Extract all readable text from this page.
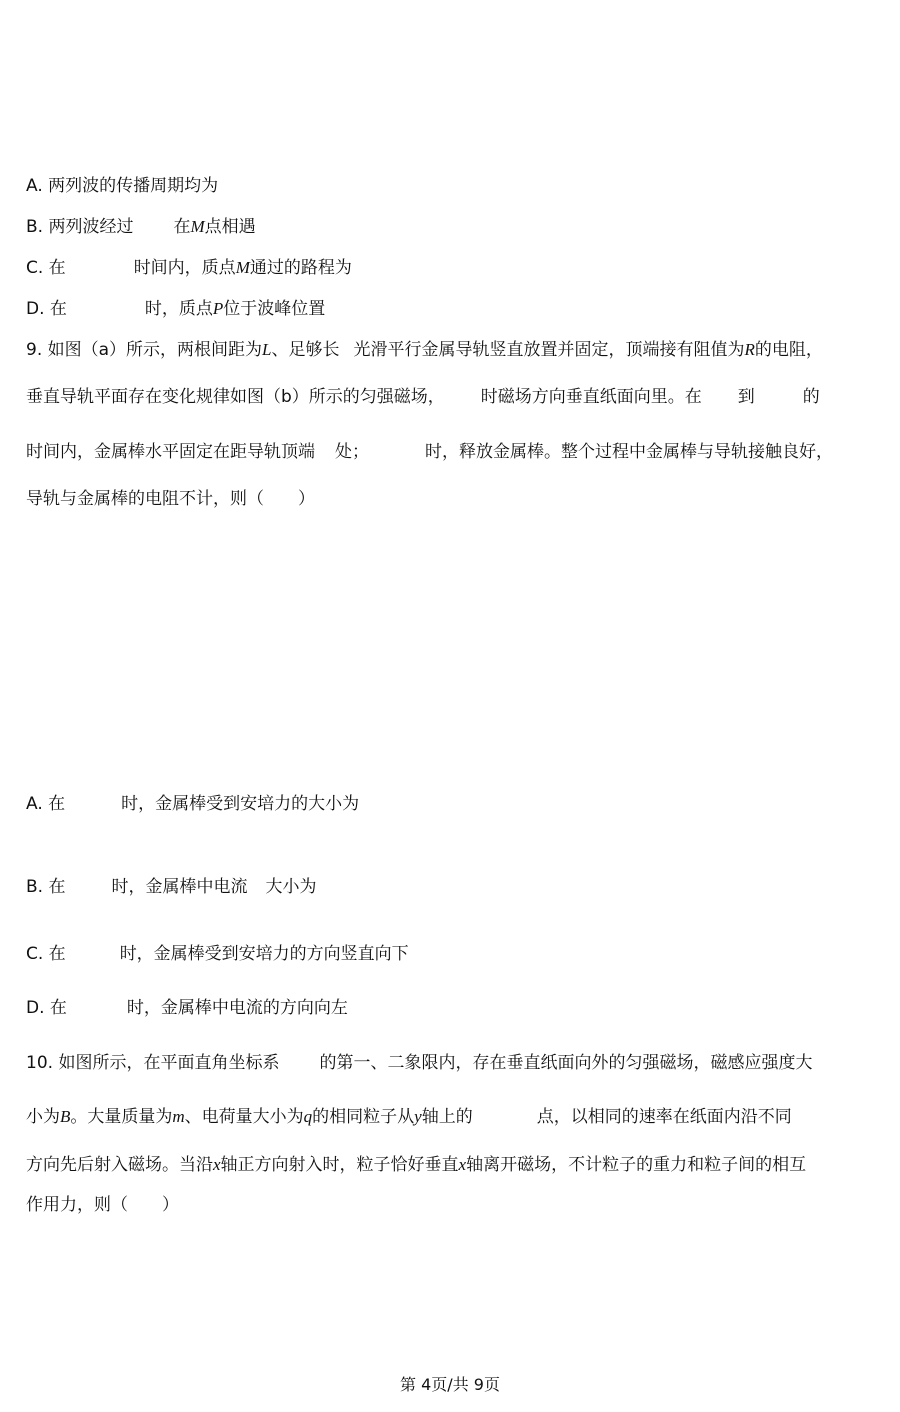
A. 两列波的传播周期均为

B. 两列波经过 在M点相遇

C. 在	时间内，质点M通过的路程为

D. 在	时，质点P位于波峰位置

9. 如图（a）所示，两根间距为L、足够长 光滑平行金属导轨竖直放置并固定，顶端接有阻值为R的电阻，

垂直导轨平面存在变化规律如图（b）所示的匀强磁场， 时磁场方向垂直纸面向里。在 到	的

时间内，金属棒水平固定在距导轨顶端 处；	时，释放金属棒。整个过程中金属棒与导轨接触良好，

导轨与金属棒的电阻不计，则（　　）

A. 在	时，金属棒受到安培力的大小为

B. 在	时，金属棒中电流 大小为

C. 在	时，金属棒受到安培力的方向竖直向下

D. 在	时，金属棒中电流的方向向左

10. 如图所示，在平面直角坐标系 的第一、二象限内，存在垂直纸面向外的匀强磁场，磁感应强度大

小为B。大量质量为m、电荷量大小为q的相同粒子从y轴上的	点，以相同的速率在纸面内沿不同

方向先后射入磁场。当沿x轴正方向射入时，粒子恰好垂直x轴离开磁场，不计粒子的重力和粒子间的相互

作用力，则（　　）

第 4页/共 9页
